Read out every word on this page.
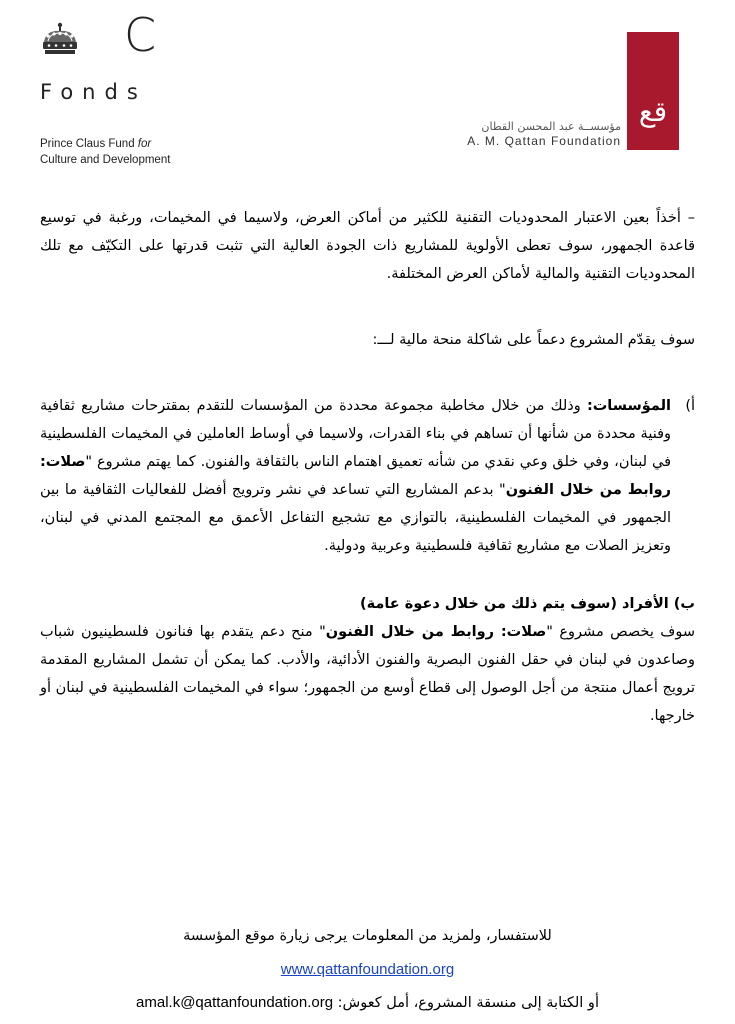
C
Fonds
Prince Claus Fund for
Culture and Development
قع
مؤسســة عبد المحسن القطان
A. M. Qattan Foundation

– أخذاً بعين الاعتبار المحدوديات التقنية للكثير من أماكن العرض، ولاسيما في المخيمات، ورغبة في توسيع قاعدة الجمهور، سوف تعطى الأولوية للمشاريع ذات الجودة العالية التي تثبت قدرتها على التكيّف مع تلك المحدوديات التقنية والمالية لأماكن العرض المختلفة.

سوف يقدّم المشروع دعماً على شاكلة منحة مالية لـــ:

أ)
المؤسسات: وذلك من خلال مخاطبة مجموعة محددة من المؤسسات للتقدم بمقترحات مشاريع ثقافية وفنية محددة من شأنها أن تساهم في بناء القدرات، ولاسيما في أوساط العاملين في المخيمات الفلسطينية في لبنان، وفي خلق وعي نقدي من شأنه تعميق اهتمام الناس بالثقافة والفنون. كما يهتم مشروع "صلات: روابط من خلال الفنون" بدعم المشاريع التي تساعد في نشر وترويج أفضل للفعاليات الثقافية ما بين الجمهور في المخيمات الفلسطينية، بالتوازي مع تشجيع التفاعل الأعمق مع المجتمع المدني في لبنان، وتعزيز الصلات مع مشاريع ثقافية فلسطينية وعربية ودولية.

ب) الأفراد (سوف يتم ذلك من خلال دعوة عامة)

سوف يخصص مشروع "صلات: روابط من خلال الفنون" منح دعم يتقدم بها فنانون فلسطينيون شباب وصاعدون في لبنان في حقل الفنون البصرية والفنون الأدائية، والأدب. كما يمكن أن تشمل المشاريع المقدمة ترويج أعمال منتجة من أجل الوصول إلى قطاع أوسع من الجمهور؛ سواء في المخيمات الفلسطينية في لبنان أو خارجها.

للاستفسار، ولمزيد من المعلومات يرجى زيارة موقع المؤسسة
www.qattanfoundation.org
أو الكتابة إلى منسقة المشروع، أمل كعوش: amal.k@qattanfoundation.org
